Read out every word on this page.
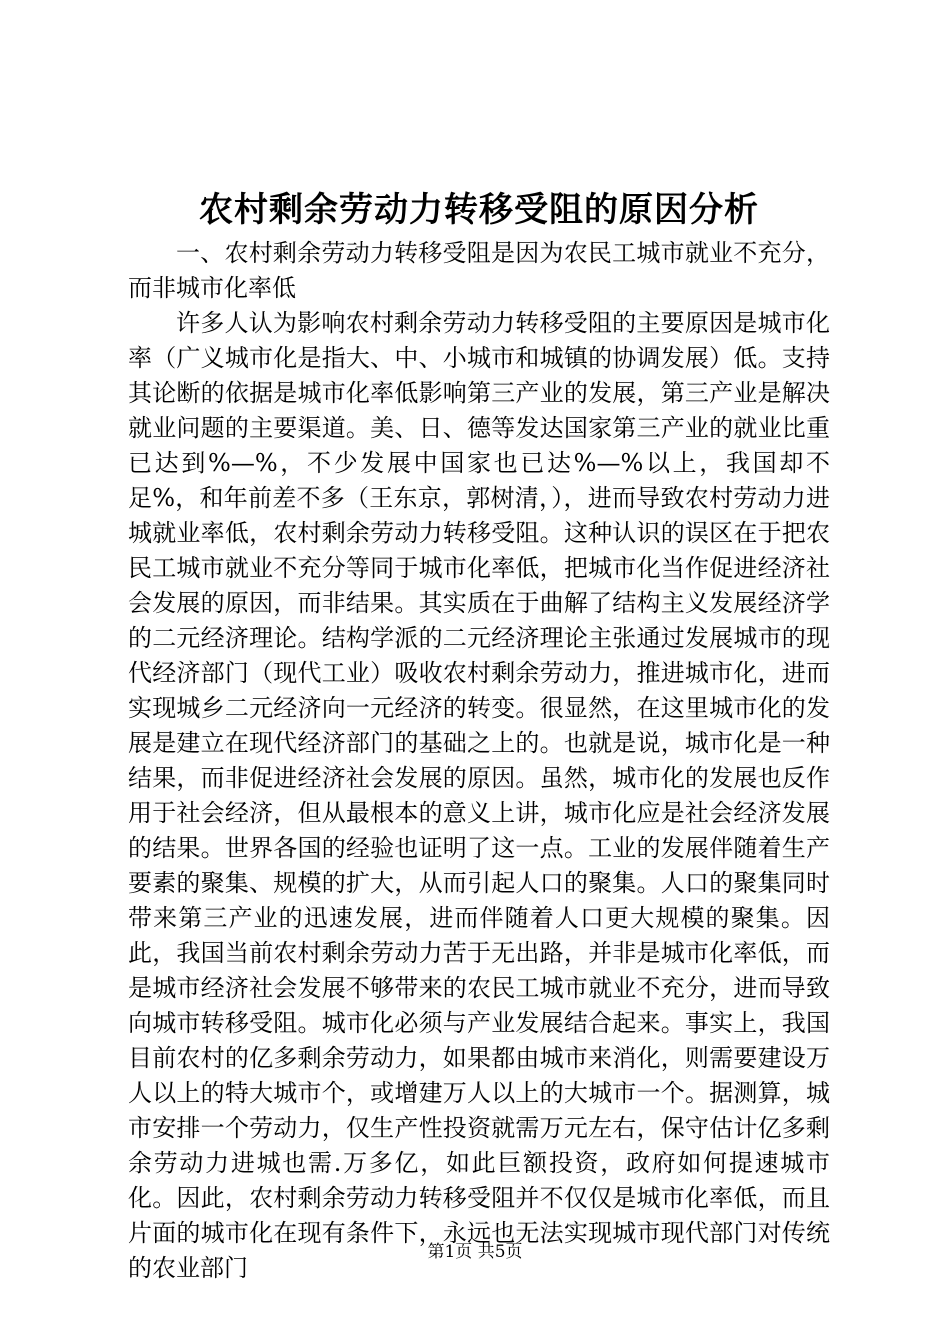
农村剩余劳动力转移受阻的原因分析

一、农村剩余劳动力转移受阻是因为农民工城市就业不充分，而非城市化率低

许多人认为影响农村剩余劳动力转移受阻的主要原因是城市化率（广义城市化是指大、中、小城市和城镇的协调发展）低。支持其论断的依据是城市化率低影响第三产业的发展，第三产业是解决就业问题的主要渠道。美、日、德等发达国家第三产业的就业比重已达到%—%，不少发展中国家也已达%—%以上，我国却不足%，和年前差不多（王东京，郭树清，），进而导致农村劳动力进城就业率低，农村剩余劳动力转移受阻。这种认识的误区在于把农民工城市就业不充分等同于城市化率低，把城市化当作促进经济社会发展的原因，而非结果。其实质在于曲解了结构主义发展经济学的二元经济理论。结构学派的二元经济理论主张通过发展城市的现代经济部门（现代工业）吸收农村剩余劳动力，推进城市化，进而实现城乡二元经济向一元经济的转变。很显然，在这里城市化的发展是建立在现代经济部门的基础之上的。也就是说，城市化是一种结果，而非促进经济社会发展的原因。虽然，城市化的发展也反作用于社会经济，但从最根本的意义上讲，城市化应是社会经济发展的结果。世界各国的经验也证明了这一点。工业的发展伴随着生产要素的聚集、规模的扩大，从而引起人口的聚集。人口的聚集同时带来第三产业的迅速发展，进而伴随着人口更大规模的聚集。因此，我国当前农村剩余劳动力苦于无出路，并非是城市化率低，而是城市经济社会发展不够带来的农民工城市就业不充分，进而导致向城市转移受阻。城市化必须与产业发展结合起来。事实上，我国目前农村的亿多剩余劳动力，如果都由城市来消化，则需要建设万人以上的特大城市个，或增建万人以上的大城市一个。据测算，城市安排一个劳动力，仅生产性投资就需万元左右，保守估计亿多剩余劳动力进城也需.万多亿，如此巨额投资，政府如何提速城市化。因此，农村剩余劳动力转移受阻并不仅仅是城市化率低，而且片面的城市化在现有条件下，永远也无法实现城市现代部门对传统的农业部门

第1页 共5页
